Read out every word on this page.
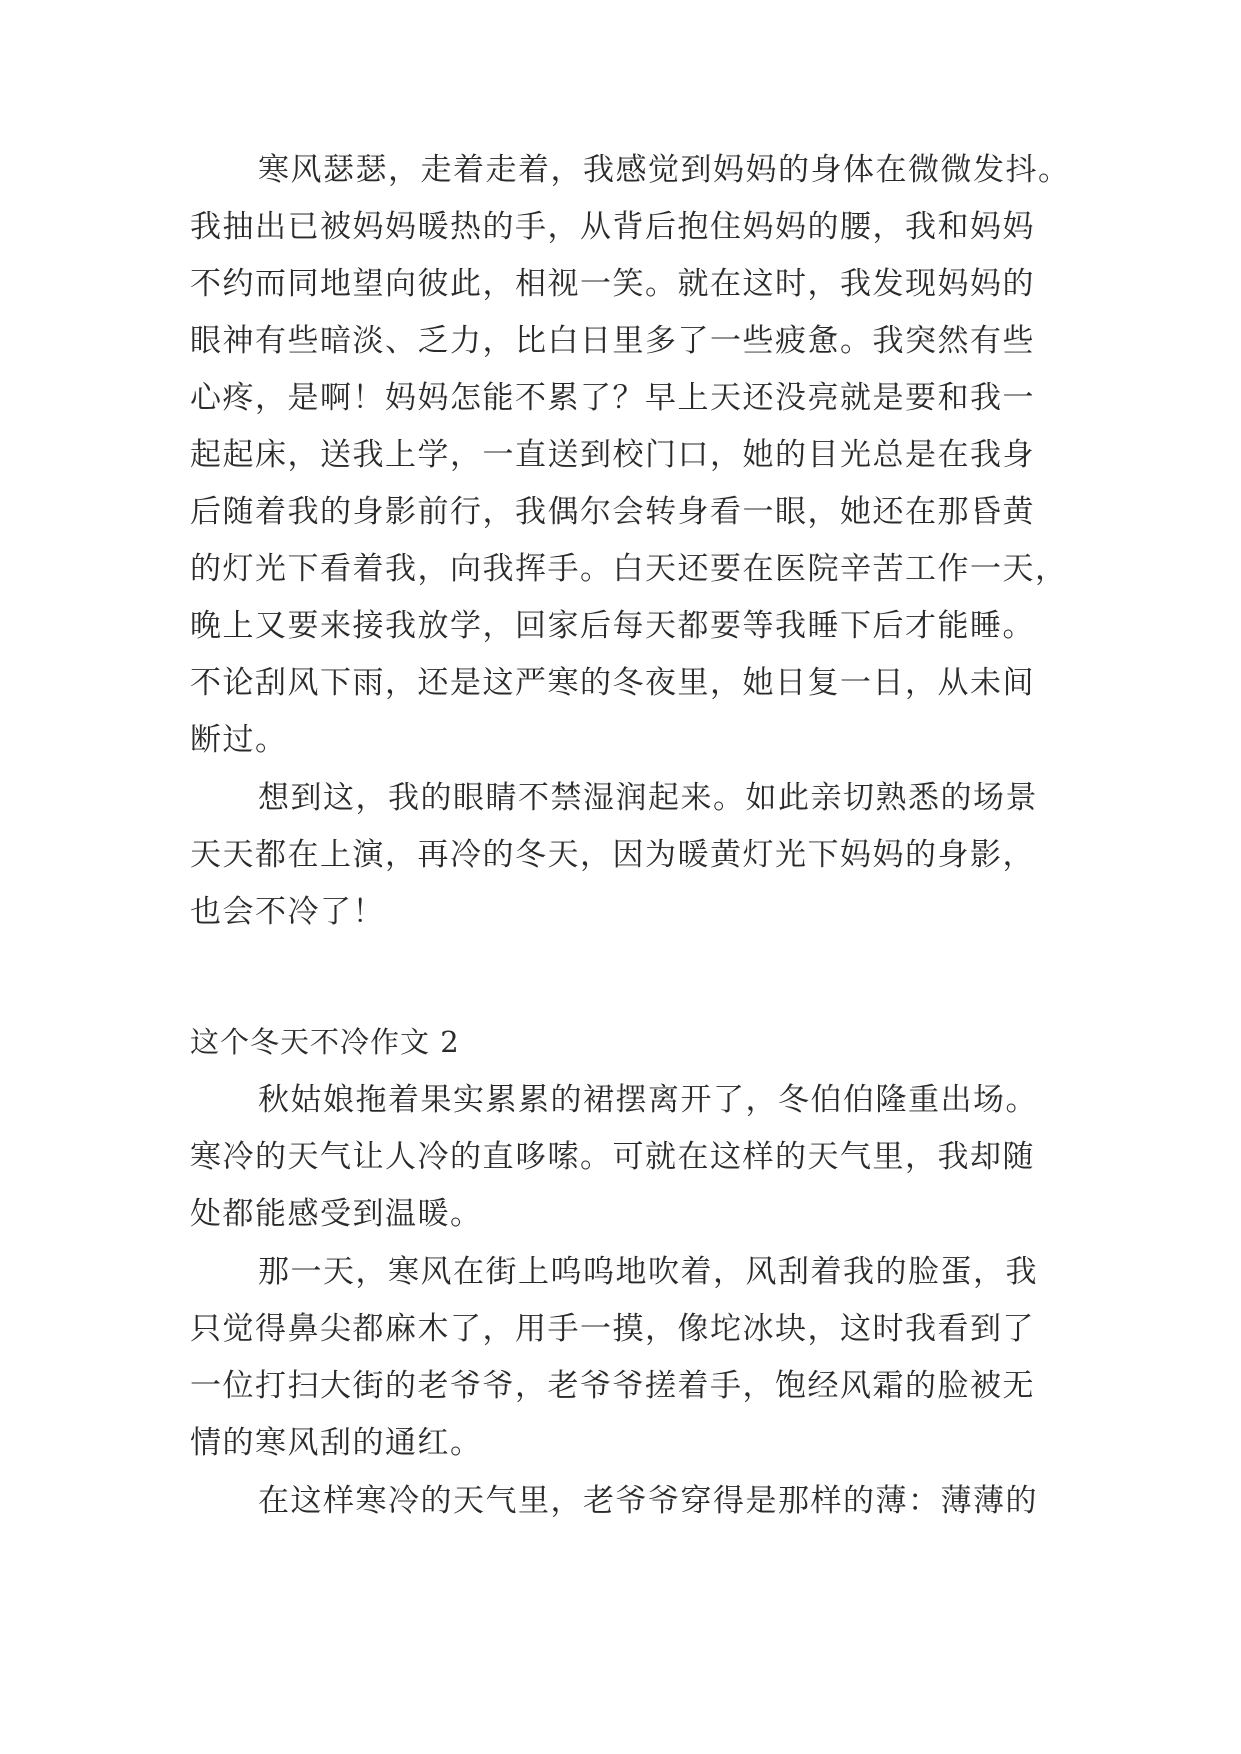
寒风瑟瑟，走着走着，我感觉到妈妈的身体在微微发抖。
我抽出已被妈妈暖热的手，从背后抱住妈妈的腰，我和妈妈
不约而同地望向彼此，相视一笑。就在这时，我发现妈妈的
眼神有些暗淡、乏力，比白日里多了一些疲惫。我突然有些
心疼，是啊！妈妈怎能不累了？早上天还没亮就是要和我一
起起床，送我上学，一直送到校门口，她的目光总是在我身
后随着我的身影前行，我偶尔会转身看一眼，她还在那昏黄
的灯光下看着我，向我挥手。白天还要在医院辛苦工作一天，
晚上又要来接我放学，回家后每天都要等我睡下后才能睡。
不论刮风下雨，还是这严寒的冬夜里，她日复一日，从未间
断过。
想到这，我的眼睛不禁湿润起来。如此亲切熟悉的场景
天天都在上演，再冷的冬天，因为暖黄灯光下妈妈的身影，
也会不冷了！
这个冬天不冷作文 2
秋姑娘拖着果实累累的裙摆离开了，冬伯伯隆重出场。
寒冷的天气让人冷的直哆嗦。可就在这样的天气里，我却随
处都能感受到温暖。
那一天，寒风在街上呜呜地吹着，风刮着我的脸蛋，我
只觉得鼻尖都麻木了，用手一摸，像坨冰块，这时我看到了
一位打扫大街的老爷爷，老爷爷搓着手，饱经风霜的脸被无
情的寒风刮的通红。
在这样寒冷的天气里，老爷爷穿得是那样的薄：薄薄的
